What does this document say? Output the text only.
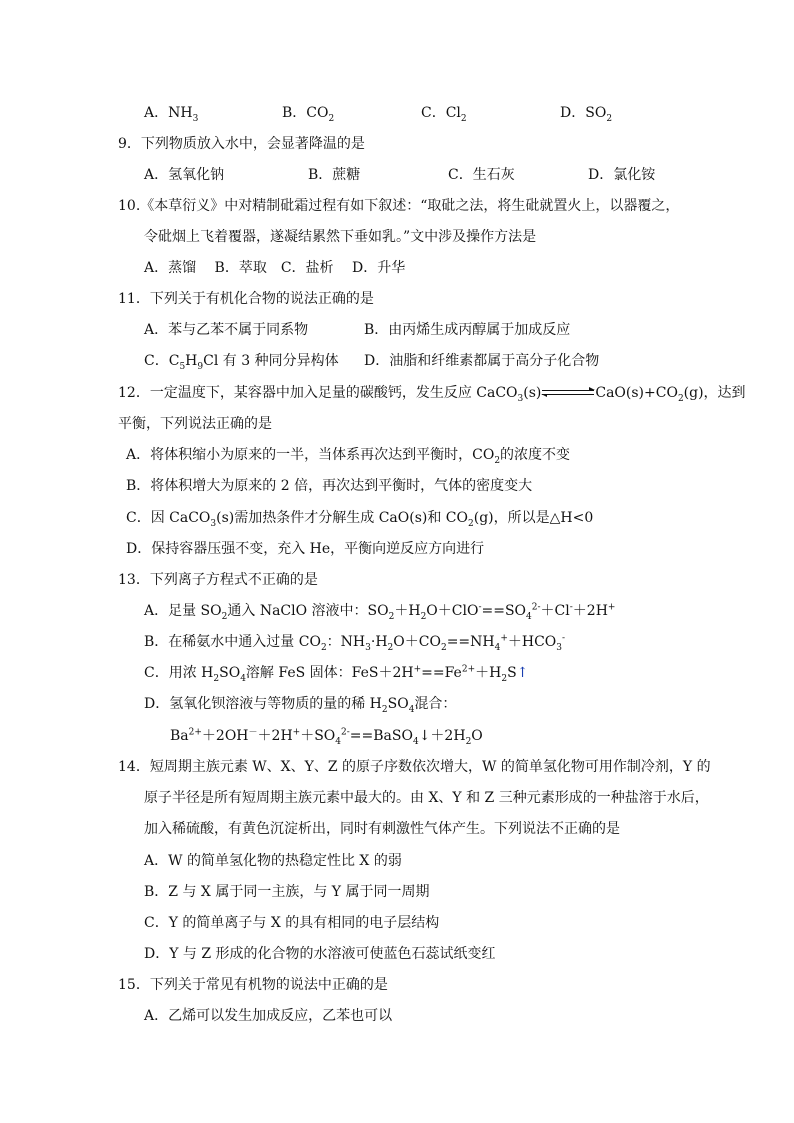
A．$NH_3$	B．$CO_2$	C．$Cl_2$	D．$SO_2$
9．下列物质放入水中，会显著降温的是
A．氢氧化钠	B．蔗糖	C．生石灰	D．氯化铵
10.《本草衍义》中对精制砒霜过程有如下叙述：“取砒之法，将生砒就置火上，以器覆之，
令砒烟上飞着覆器，遂凝结累然下垂如乳。”文中涉及操作方法是
A．蒸馏　 B．萃取　C．盐析　 D．升华
11．下列关于有机化合物的说法正确的是
A．苯与乙苯不属于同系物	B．由丙烯生成丙醇属于加成反应
C．$C_5H_9Cl$ 有 3 种同分异构体 D．油脂和纤维素都属于高分子化合物
12．一定温度下，某容器中加入足量的碳酸钙，发生反应 $CaCO_3(s)\rightleftharpoons CaO(s)+CO_2(g)$，达到
平衡，下列说法正确的是
A．将体积缩小为原来的一半，当体系再次达到平衡时，$CO_2$的浓度不变
B．将体积增大为原来的 2 倍，再次达到平衡时，气体的密度变大
C．因 CaCO$_3$(s)需加热条件才分解生成 CaO(s)和 $CO_2(g)$，所以是△H<0
D．保持容器压强不变，充入 He，平衡向逆反应方向进行
13．下列离子方程式不正确的是
A．足量 $SO_2$通入 NaClO 溶液中：$SO_2+H_2O+ClO^-==SO_4^{2-}+Cl^-+2H^+$
B．在稀氨水中通入过量 $CO_2$：$NH_3\cdot H_2O+CO_2==NH_4^++HCO_3^-$
C．用浓 $H_2SO_4$溶解 FeS 固体：$FeS+2H^+==Fe^{2+}+H_2S↑$
D．氢氧化钡溶液与等物质的量的稀 $H_2SO_4$混合：
$Ba^{2+}+2OH^-+2H^++SO_4^{2-}==BaSO_4↓+2H_2O$
14．短周期主族元素 W、X、Y、Z 的原子序数依次增大，W 的简单氢化物可用作制冷剂，Y 的
原子半径是所有短周期主族元素中最大的。由 X、Y 和 Z 三种元素形成的一种盐溶于水后，
加入稀硫酸，有黄色沉淀析出，同时有刺激性气体产生。下列说法不正确的是
A．W 的简单氢化物的热稳定性比 X 的弱
B．Z 与 X 属于同一主族，与 Y 属于同一周期
C．Y 的简单离子与 X 的具有相同的电子层结构
D．Y 与 Z 形成的化合物的水溶液可使蓝色石蕊试纸变红
15．下列关于常见有机物的说法中正确的是
A．乙烯可以发生加成反应，乙苯也可以
